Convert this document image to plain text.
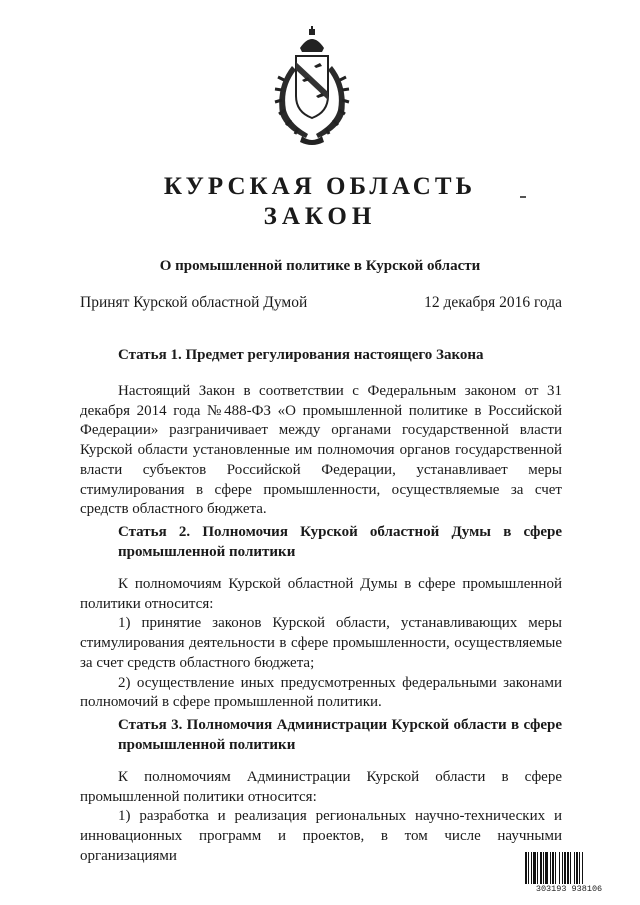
КУРСКАЯ ОБЛАСТЬ
ЗАКОН
О промышленной политике в Курской области
Принят Курской областной Думой	12 декабря 2016 года
Статья 1. Предмет регулирования настоящего Закона

Настоящий Закон в соответствии с Федеральным законом от 31 декабря 2014 года №488-ФЗ «О промышленной политике в Российской Федерации» разграничивает между органами государственной власти Курской области установленные им полномочия органов государственной власти субъектов Российской Федерации, устанавливает меры стимулирования в сфере промышленности, осуществляемые за счет средств областного бюджета.

Статья 2. Полномочия Курской областной Думы в сфере промышленной политики

К полномочиям Курской областной Думы в сфере промышленной политики относится:

1) принятие законов Курской области, устанавливающих меры стимулирования деятельности в сфере промышленности, осуществляемые за счет средств областного бюджета;

2) осуществление иных предусмотренных федеральными законами полномочий в сфере промышленной политики.

Статья 3. Полномочия Администрации Курской области в сфере промышленной политики

К полномочиям Администрации Курской области в сфере промышленной политики относится:

1) разработка и реализация региональных научно-технических и инновационных программ и проектов, в том числе научными организациями

303193 938106
